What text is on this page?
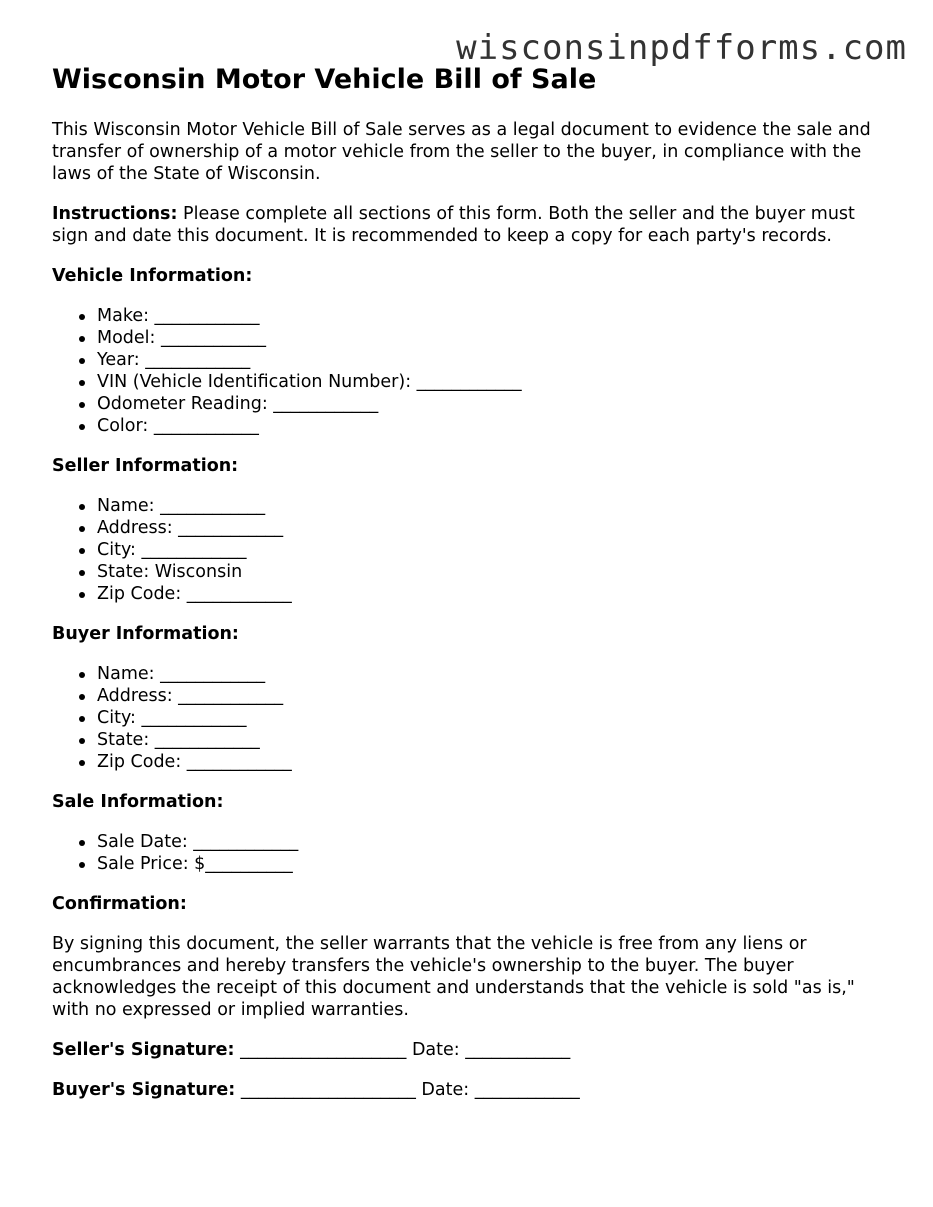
wisconsinpdfforms.com
Wisconsin Motor Vehicle Bill of Sale

This Wisconsin Motor Vehicle Bill of Sale serves as a legal document to evidence the sale and transfer of ownership of a motor vehicle from the seller to the buyer, in compliance with the laws of the State of Wisconsin.

Instructions: Please complete all sections of this form. Both the seller and the buyer must sign and date this document. It is recommended to keep a copy for each party's records.

Vehicle Information:

Make: ____________
Model: ____________
Year: ____________
VIN (Vehicle Identification Number): ____________
Odometer Reading: ____________
Color: ____________

Seller Information:

Name: ____________
Address: ____________
City: ____________
State: Wisconsin
Zip Code: ____________

Buyer Information:

Name: ____________
Address: ____________
City: ____________
State: ____________
Zip Code: ____________

Sale Information:

Sale Date: ____________
Sale Price: $__________

Confirmation:

By signing this document, the seller warrants that the vehicle is free from any liens or encumbrances and hereby transfers the vehicle's ownership to the buyer. The buyer acknowledges the receipt of this document and understands that the vehicle is sold "as is," with no expressed or implied warranties.

Seller's Signature: ___________________ Date: ____________

Buyer's Signature: ____________________ Date: ____________
